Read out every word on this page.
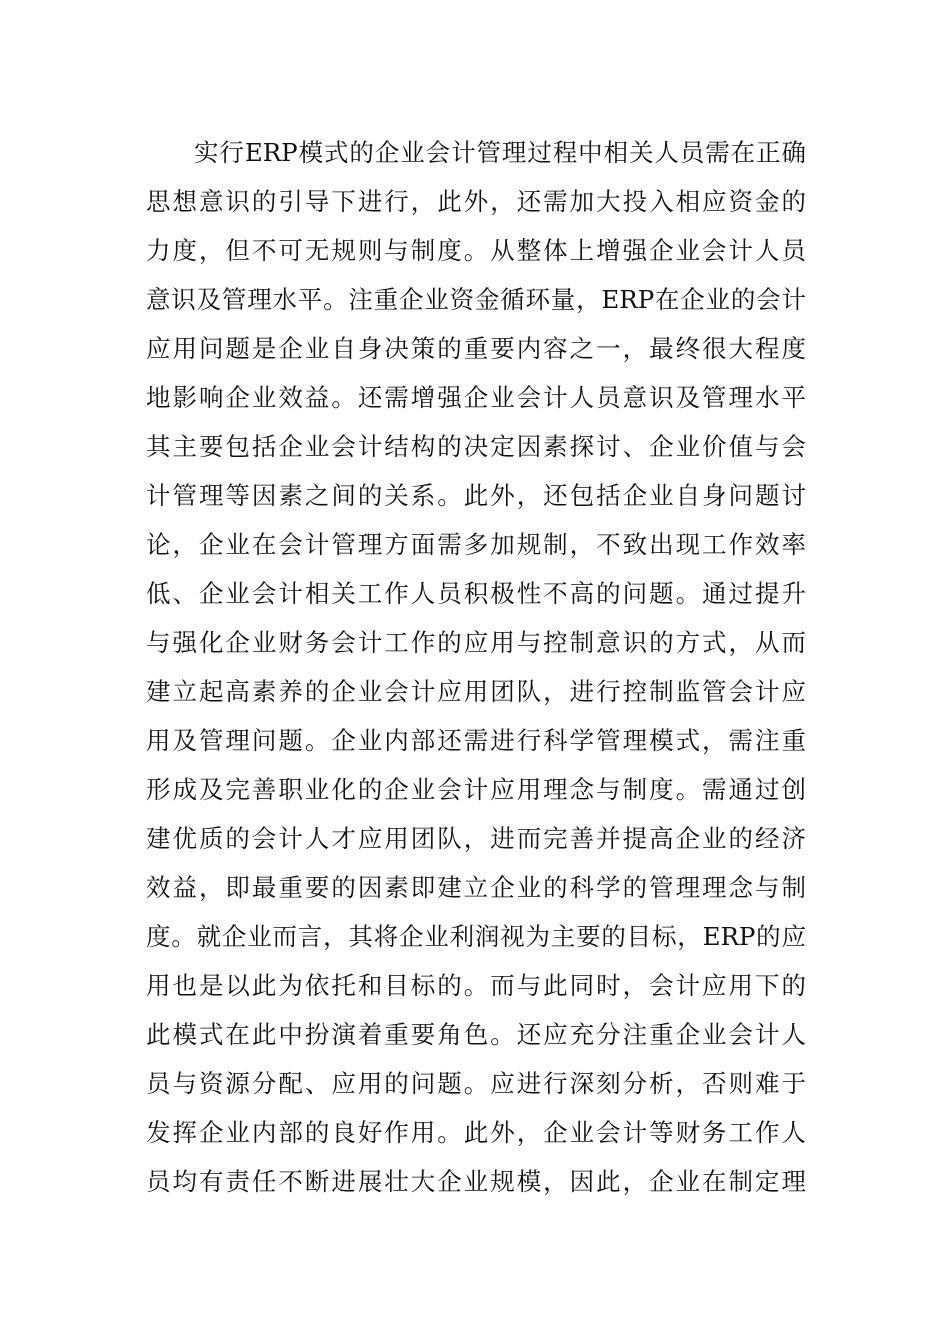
实行ERP模式的企业会计管理过程中相关人员需在正确
思想意识的引导下进行，此外，还需加大投入相应资金的
力度，但不可无规则与制度。从整体上增强企业会计人员
意识及管理水平。注重企业资金循环量，ERP在企业的会计
应用问题是企业自身决策的重要内容之一，最终很大程度
地影响企业效益。还需增强企业会计人员意识及管理水平
其主要包括企业会计结构的决定因素探讨、企业价值与会
计管理等因素之间的关系。此外，还包括企业自身问题讨
论，企业在会计管理方面需多加规制，不致出现工作效率
低、企业会计相关工作人员积极性不高的问题。通过提升
与强化企业财务会计工作的应用与控制意识的方式，从而
建立起高素养的企业会计应用团队，进行控制监管会计应
用及管理问题。企业内部还需进行科学管理模式，需注重
形成及完善职业化的企业会计应用理念与制度。需通过创
建优质的会计人才应用团队，进而完善并提高企业的经济
效益，即最重要的因素即建立企业的科学的管理理念与制
度。就企业而言，其将企业利润视为主要的目标，ERP的应
用也是以此为依托和目标的。而与此同时，会计应用下的
此模式在此中扮演着重要角色。还应充分注重企业会计人
员与资源分配、应用的问题。应进行深刻分析，否则难于
发挥企业内部的良好作用。此外，企业会计等财务工作人
员均有责任不断进展壮大企业规模，因此，企业在制定理
